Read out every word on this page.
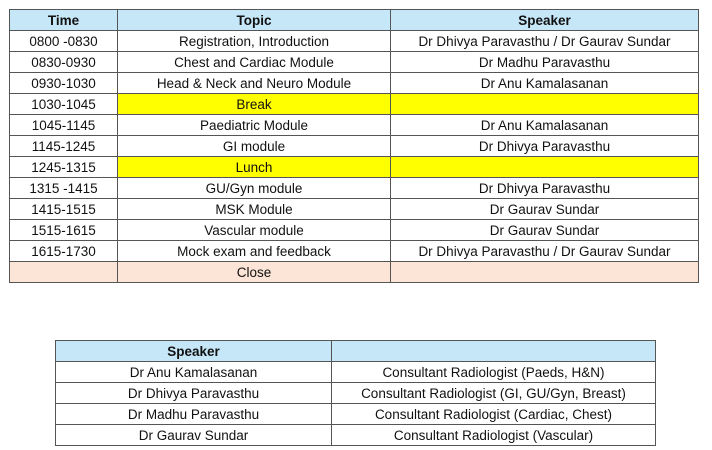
Time	Topic	Speaker
0800 -0830	Registration, Introduction	Dr Dhivya Paravasthu / Dr Gaurav Sundar
0830-0930	Chest and Cardiac Module	Dr Madhu Paravasthu
0930-1030	Head & Neck and Neuro Module	Dr Anu Kamalasanan
1030-1045	Break	
1045-1145	Paediatric Module	Dr Anu Kamalasanan
1145-1245	GI module	Dr Dhivya Paravasthu
1245-1315	Lunch	
1315 -1415	GU/Gyn module	Dr Dhivya Paravasthu
1415-1515	MSK Module	Dr Gaurav Sundar
1515-1615	Vascular module	Dr Gaurav Sundar
1615-1730	Mock exam and feedback	Dr Dhivya Paravasthu / Dr Gaurav Sundar
	Close	
Speaker	
Dr Anu Kamalasanan	Consultant Radiologist (Paeds, H&N)
Dr Dhivya Paravasthu	Consultant Radiologist (GI, GU/Gyn, Breast)
Dr Madhu Paravasthu	Consultant Radiologist (Cardiac, Chest)
Dr Gaurav Sundar	Consultant Radiologist (Vascular)
